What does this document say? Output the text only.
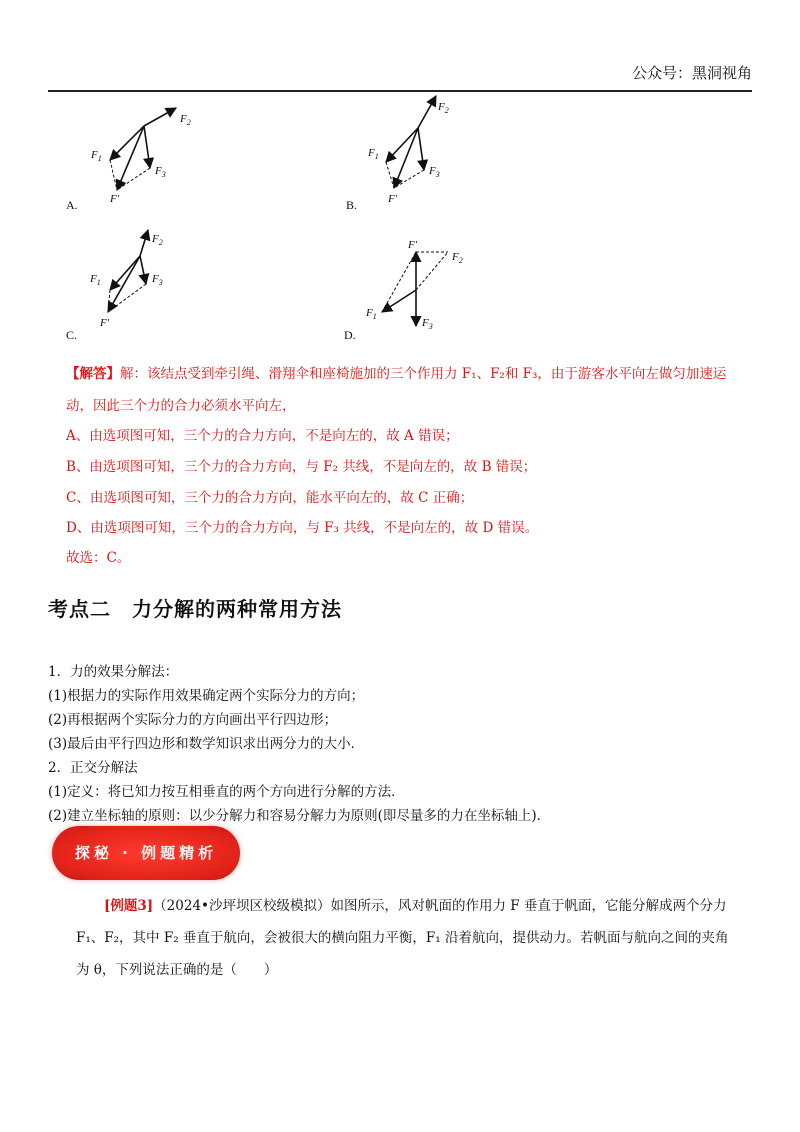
公众号：黑洞视角
$F_2$
$F_1$
$F_3$
F′
A.
$F_2$
$F_1$
$F_3$
F′
B.
$F_2$
$F_1$	$F_3$
F′
C.
F′
$F_2$
$F_1$
$F_3$
D.
【解答】解：该结点受到牵引绳、滑翔伞和座椅施加的三个作用力 F₁、F₂和 F₃，由于游客水平向左做匀加速运
动，因此三个力的合力必须水平向左，
A、由选项图可知，三个力的合力方向，不是向左的，故 A 错误；
B、由选项图可知，三个力的合力方向，与 F₂ 共线，不是向左的，故 B 错误；
C、由选项图可知，三个力的合力方向，能水平向左的，故 C 正确；
D、由选项图可知，三个力的合力方向，与 F₃ 共线，不是向左的，故 D 错误。
故选：C。
考点二　力分解的两种常用方法
1．力的效果分解法：
(1)根据力的实际作用效果确定两个实际分力的方向；
(2)再根据两个实际分力的方向画出平行四边形；
(3)最后由平行四边形和数学知识求出两分力的大小．
2．正交分解法
(1)定义：将已知力按互相垂直的两个方向进行分解的方法．
(2)建立坐标轴的原则：以少分解力和容易分解力为原则(即尽量多的力在坐标轴上)．
探秘 · 例题精析
[例题3]（2024•沙坪坝区校级模拟）如图所示，风对帆面的作用力 F 垂直于帆面，它能分解成两个分力
F₁、F₂，其中 F₂ 垂直于航向，会被很大的横向阻力平衡，F₁ 沿着航向，提供动力。若帆面与航向之间的夹角
为 θ，下列说法正确的是（　　）
